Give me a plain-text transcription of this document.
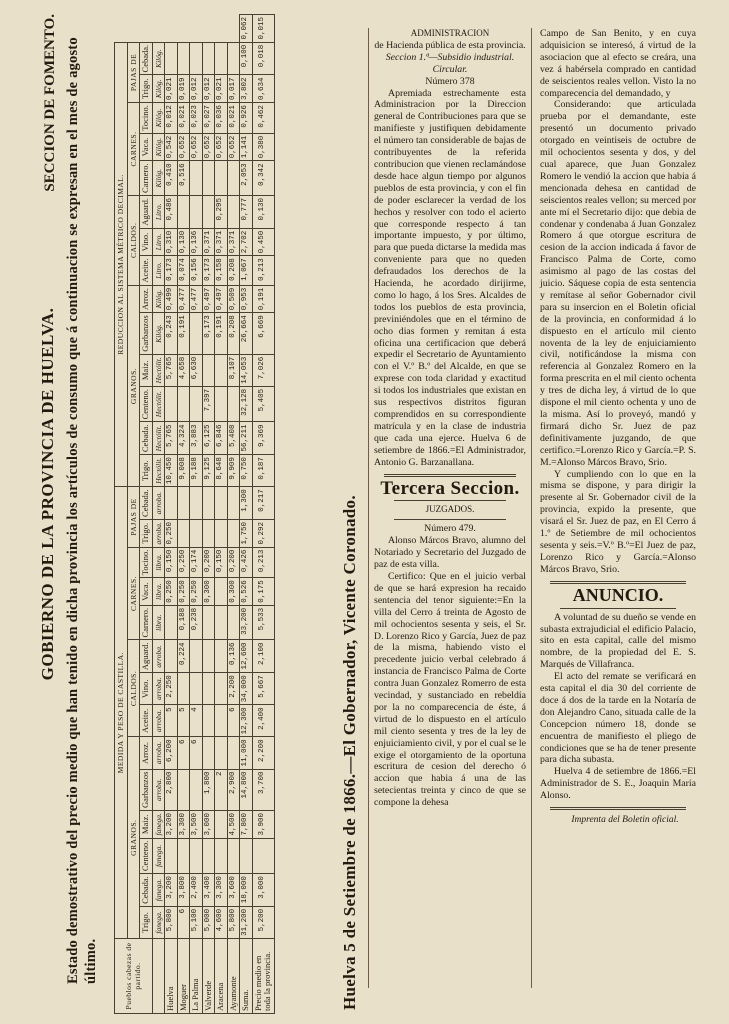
GOBIERNO DE LA PROVINCIA DE HUELVA.
SECCION DE FOMENTO. Estado demostrativo del precio medio que han tenido en dicha provincia los artículos de consumo que á continuacion se expresan en el mes de agosto último.	Pueblos cabezas de partido.	MEDIDA Y PESO DE CASTILLA.														REDUCCION AL SISTEMA MÉTRICO DECIMAL.														
	GRANOS.						CALDOS.			CARNES.			PAJAS DE		GRANOS.						CALDOS.			CARNES.			PAJAS DE		
	Trigo.	Cebada.	Centeno.	Maiz.	Garbanzos	Arroz.	Aceite.	Vino.	Aguard.	Carnero.	Vaca.	Tocino.	Trigo.	Cebada.	Trigo.	Cebada.	Centeno.	Maiz.	Garbanzos	Arroz.	Aceite.	Vino.	Aguard.	Carnero.	Vaca.	Tocino.	Trigo.	Cebada.	
	fanega.	fanega.	fanega.	fanega.	arroba.	arroba.	arroba.	arroba.	arroba.	libra.	libra.	libra.	arroba.	arroba.	Hectólit.	Hectólit.	Hectólit.	Hectólit.	Kilóg.	Kilóg.	Litro.	Litro.	Litro.	Kilóg.	Kilóg.	Kilóg.	Kilóg.	Kilóg.	
Huelva	5,800	3,200		3,200	2,800	6,200	5	2,250			0,250	0,150	0,250		10,450	5,765		5,765	0,243	0,499	0,173	0,310	0,486	0,410	0,542	0,012	0,021		
Moguer	6	3,800		3,300		6	5		0,224	0,188	0,250	0,250			9,008	4,324		4,658	0,191	0,477	0,074	0,130		0,516	0,652	0,021	0,019		
La Palma	5,100	2,400		3,500		6	4			0,238	0,250	0,174			9,188	3,883		6,630		0,477	0,156	0,136			0,652	0,023	0,012		
Valverde	5,000	3,400		3,000	1,800						0,300	0,200			9,125	6,125	7,397		0,173	0,497	0,173	0,371			0,652	0,027	0,012		
Aracena	4,600	3,300			2							0,150			8,648	6,846			0,191	0,497	0,158	0,371	0,295		0,652	0,036	0,021		
Ayamonte	5,800	3,600		4,500	2,900		6	2,200	0,136		0,300	0,200			9,909	5,408		8,107	0,208	0,509	0,208	0,371			0,652	0,021	0,017		
Suma.	31,200	18,000		7,800	14,800	11,000	12,300	34,000	12,600	33,200	0,526	0,426	1,750	1,300	0,750	56,211	32,128	14,053	26,664	0,953	1,067	2,702	0,777	2,053	1,141	0,926	3,802	0,100	0,062
Precio medio en toda la provincia.	5,200	3,000		3,900	3,700	2,200	2,400	5,667	2,100	5,533	0,175	0,213	0,292	0,217	0,187	9,369	5,405	7,026	6,669	0,191	0,213	0,450	0,130	0,342	0,380	0,462	0,634	0,018	0,015
Huelva 5 de Setiembre de 1866.—El Gobernador, Vicente Coronado.

ADMINISTRACION

de Hacienda pública de esta provincia.

Seccion 1.ª—Subsidio industrial.

Circular.

Número 378

Apremiada estrechamente esta Administracion por la Direccion general de Contribuciones para que se manifieste y justifiquen debidamente el número tan considerable de bajas de contribuyentes de la referida contribucion que vienen reclamándose desde hace algun tiempo por algunos pueblos de esta provincia, y con el fin de poder esclarecer la verdad de los hechos y resolver con todo el acierto que corresponde respecto á tan importante impuesto, y por último, para que pueda dictarse la medida mas conveniente para que no queden defraudados los derechos de la Hacienda, he acordado dirijirme, como lo hago, á los Sres. Alcaldes de todos los pueblos de esta provincia, previniéndoles que en el término de ocho dias formen y remitan á esta oficina una certificacion que deberá expedir el Secretario de Ayuntamiento con el V.º B.º del Alcalde, en que se exprese con toda claridad y exactitud si todos los industriales que existan en sus respectivos distritos figuran comprendidos en su correspondiente matrícula y en la clase de industria que cada una ejerce. Huelva 6 de setiembre de 1866.=El Administrador, Antonio G. Barzanallana.

Tercera Seccion.

JUZGADOS.

Número 479.

Alonso Márcos Bravo, alumno del Notariado y Secretario del Juzgado de paz de esta villa.

Certifico: Que en el juicio verbal de que se hará expresion ha recaido sentencia del tenor siguiente:=En la villa del Cerro á treinta de Agosto de mil ochocientos sesenta y seis, el Sr. D. Lorenzo Rico y García, Juez de paz de la misma, habiendo visto el precedente juicio verbal celebrado á instancia de Francisco Palma de Corte contra Juan Gonzalez Romerro de esta vecindad, y sustanciado en rebeldía por la no comparecencia de éste, á virtud de lo dispuesto en el artículo mil ciento sesenta y tres de la ley de enjuiciamiento civil, y por el cual se le exige el otorgamiento de la oportuna escritura de cesion del derecho ó accion que habia á una de las setecientas treinta y cinco de que se compone la dehesa

Campo de San Benito, y en cuya adquisicion se interesó, á virtud de la asociacion que al efecto se creára, una vez á habérsela comprado en cantidad de seiscientos reales vellon. Visto la no comparecencia del demandado, y

Considerando: que articulada prueba por el demandante, este presentó un documento privado otorgado en veintiseis de octubre de mil ochocientos sesenta y dos, y del cual aparece, que Juan Gonzalez Romero le vendió la accion que habia á mencionada dehesa en cantidad de seiscientos reales vellon; su merced por ante mí el Secretario dijo: que debia de condenar y condenaba á Juan Gonzalez Romero á que otorgue escritura de cesion de la accion indicada á favor de Francisco Palma de Corte, como asimismo al pago de las costas del juicio. Sáquese copia de esta sentencia y remítase al señor Gobernador civil para su insercion en el Boletin oficial de la provincia, en conformidad á lo dispuesto en el artículo mil ciento noventa de la ley de enjuiciamiento civil, notificándose la misma con referencia al Gonzalez Romero en la forma prescrita en el mil ciento ochenta y tres de dicha ley, á virtud de lo que dispone el mil ciento ochenta y uno de la misma. Así lo proveyó, mandó y firmará dicho Sr. Juez de paz definitivamente juzgando, de que certifico.=Lorenzo Rico y García.=P. S. M.=Alonso Márcos Bravo, Srio.

Y cumpliendo con lo que en la misma se dispone, y para dirigir la presente al Sr. Gobernador civil de la provincia, expido la presente, que visará el Sr. Juez de paz, en El Cerro á 1.º de Setiembre de mil ochocientos sesenta y seis.=V.º B.º=El Juez de paz, Lorenzo Rico y García.=Alonso Márcos Bravo, Srio.

ANUNCIO.

A voluntad de su dueño se vende en subasta extrajudicial el edificio Palacio, sito en esta capital, calle del mismo nombre, de la propiedad del E. S. Marqués de Villafranca.

El acto del remate se verificará en esta capital el dia 30 del corriente de doce á dos de la tarde en la Notaría de don Alejandro Cano, situada calle de la Concepcion número 18, donde se encuentra de manifiesto el pliego de condiciones que se ha de tener presente para dicha subasta.

Huelva 4 de setiembre de 1866.=El Administrador de S. E., Joaquin María Alonso.

Imprenta del Boletin oficial.
